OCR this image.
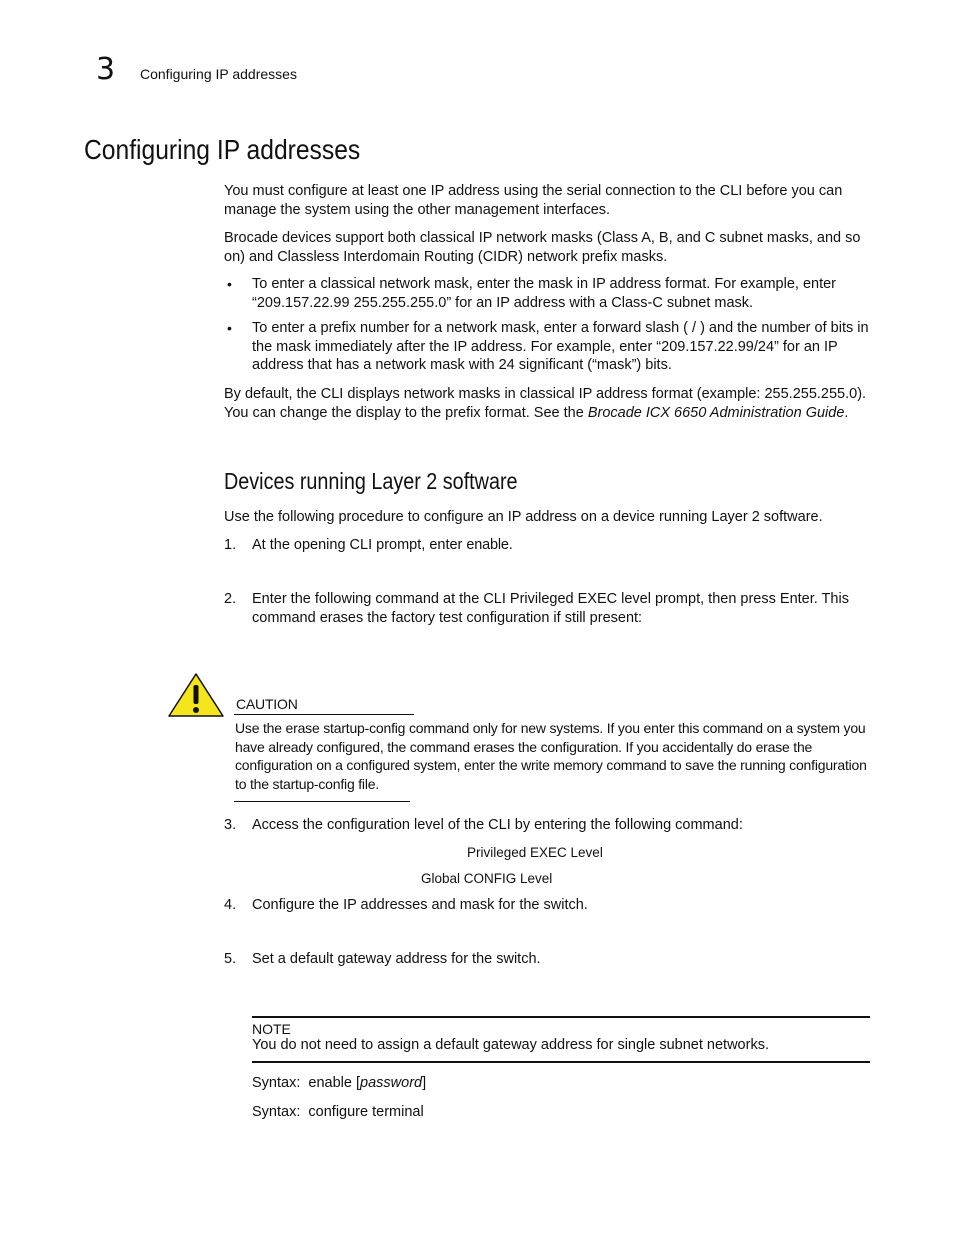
3 Configuring IP addresses
Configuring IP addresses
You must configure at least one IP address using the serial connection to the CLI before you can manage the system using the other management interfaces.
Brocade devices support both classical IP network masks (Class A, B, and C subnet masks, and so on) and Classless Interdomain Routing (CIDR) network prefix masks.
• To enter a classical network mask, enter the mask in IP address format. For example, enter “209.157.22.99 255.255.255.0” for an IP address with a Class-C subnet mask.
• To enter a prefix number for a network mask, enter a forward slash ( / ) and the number of bits in the mask immediately after the IP address. For example, enter “209.157.22.99/24” for an IP address that has a network mask with 24 significant (“mask”) bits.
By default, the CLI displays network masks in classical IP address format (example: 255.255.255.0). You can change the display to the prefix format. See the Brocade ICX 6650 Administration Guide.
Devices running Layer 2 software
Use the following procedure to configure an IP address on a device running Layer 2 software.
1. At the opening CLI prompt, enter enable.
2. Enter the following command at the CLI Privileged EXEC level prompt, then press Enter. This command erases the factory test configuration if still present:
CAUTION
Use the erase startup-config command only for new systems. If you enter this command on a system you have already configured, the command erases the configuration. If you accidentally do erase the configuration on a configured system, enter the write memory command to save the running configuration to the startup-config file.
3. Access the configuration level of the CLI by entering the following command:
Privileged EXEC Level
Global CONFIG Level
4. Configure the IP addresses and mask for the switch.
5. Set a default gateway address for the switch.
NOTE
You do not need to assign a default gateway address for single subnet networks.
Syntax: enable [password]
Syntax: configure terminal
